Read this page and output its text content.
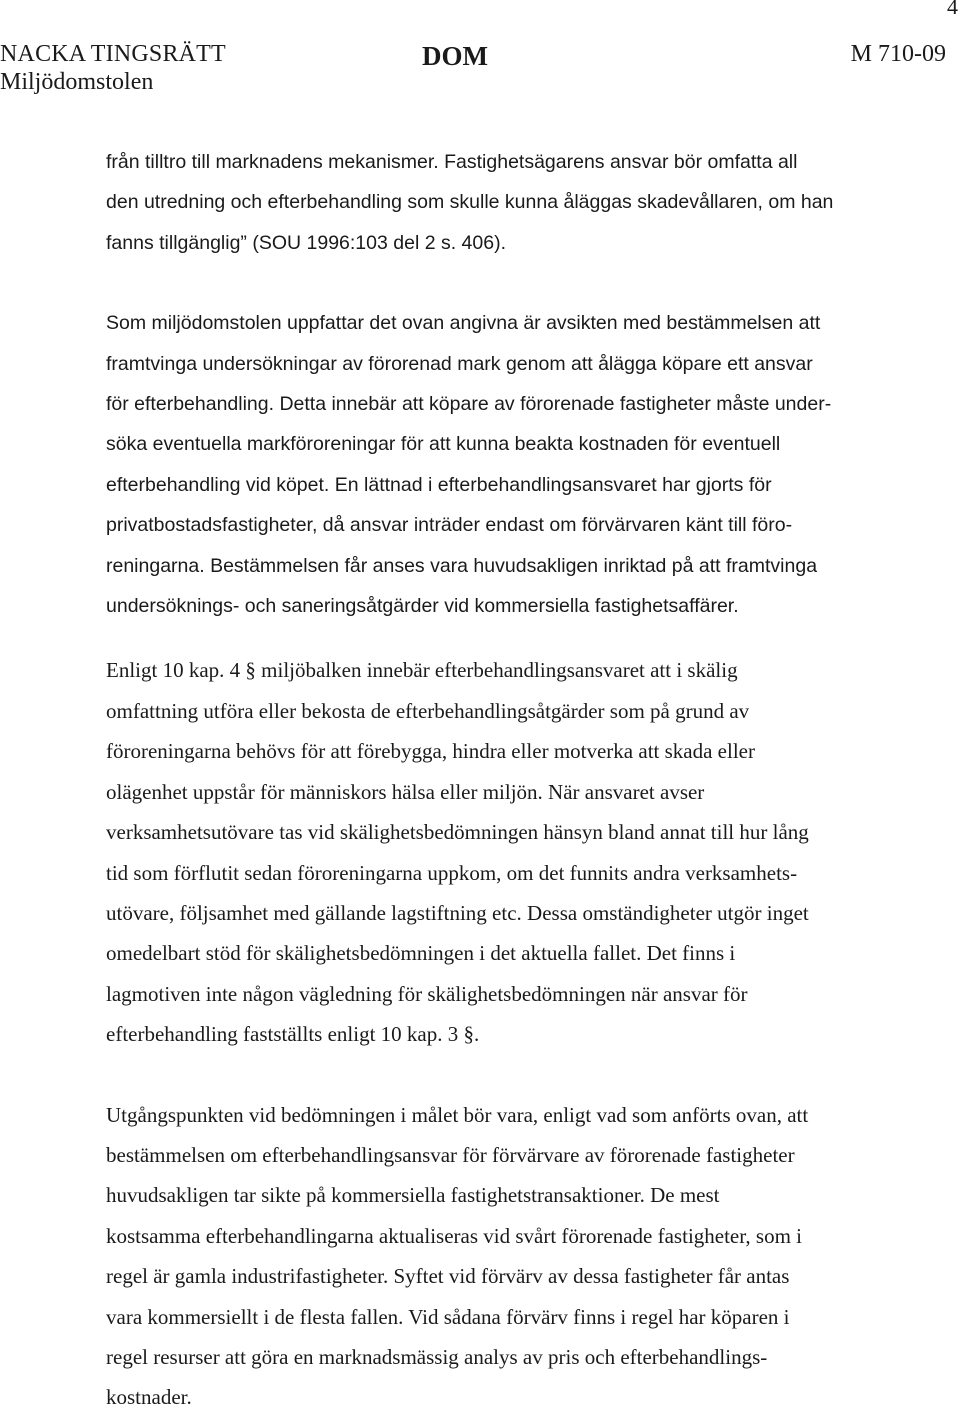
4
NACKA TINGSRÄTT
Miljödomstolen
DOM	M 710-09

från tilltro till marknadens mekanismer. Fastighetsägarens ansvar bör omfatta all
den utredning och efterbehandling som skulle kunna åläggas skadevållaren, om han
fanns tillgänglig” (SOU 1996:103 del 2 s. 406).

Som miljödomstolen uppfattar det ovan angivna är avsikten med bestämmelsen att
framtvinga undersökningar av förorenad mark genom att ålägga köpare ett ansvar
för efterbehandling. Detta innebär att köpare av förorenade fastigheter måste under-
söka eventuella markföroreningar för att kunna beakta kostnaden för eventuell
efterbehandling vid köpet. En lättnad i efterbehandlingsansvaret har gjorts för
privatbostadsfastigheter, då ansvar inträder endast om förvärvaren känt till föro-
reningarna. Bestämmelsen får anses vara huvudsakligen inriktad på att framtvinga
undersöknings- och saneringsåtgärder vid kommersiella fastighetsaffärer.

Enligt 10 kap. 4 § miljöbalken innebär efterbehandlingsansvaret att i skälig
omfattning utföra eller bekosta de efterbehandlingsåtgärder som på grund av
föroreningarna behövs för att förebygga, hindra eller motverka att skada eller
olägenhet uppstår för människors hälsa eller miljön. När ansvaret avser
verksamhetsutövare tas vid skälighetsbedömningen hänsyn bland annat till hur lång
tid som förflutit sedan föroreningarna uppkom, om det funnits andra verksamhets-
utövare, följsamhet med gällande lagstiftning etc. Dessa omständigheter utgör inget
omedelbart stöd för skälighetsbedömningen i det aktuella fallet. Det finns i
lagmotiven inte någon vägledning för skälighetsbedömningen när ansvar för
efterbehandling fastställts enligt 10 kap. 3 §.

Utgångspunkten vid bedömningen i målet bör vara, enligt vad som anförts ovan, att
bestämmelsen om efterbehandlingsansvar för förvärvare av förorenade fastigheter
huvudsakligen tar sikte på kommersiella fastighetstransaktioner. De mest
kostsamma efterbehandlingarna aktualiseras vid svårt förorenade fastigheter, som i
regel är gamla industrifastigheter. Syftet vid förvärv av dessa fastigheter får antas
vara kommersiellt i de flesta fallen. Vid sådana förvärv finns i regel har köparen i
regel resurser att göra en marknadsmässig analys av pris och efterbehandlings-
kostnader.
